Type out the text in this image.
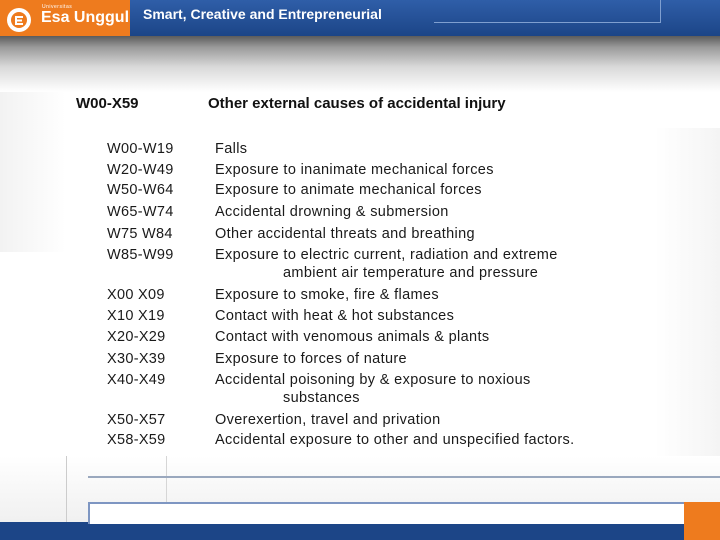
Universitas
Esa Unggul Smart, Creative and Entrepreneurial
W00-X59	Other external causes of accidental injury
W00-W19	Falls
W20-W49	Exposure to inanimate mechanical forces
W50-W64	Exposure to animate mechanical forces
W65-W74	Accidental drowning & submersion
W75 W84	Other accidental threats and breathing
W85-W99	Exposure to electric current, radiation and extreme
ambient air temperature and pressure
X00 X09	Exposure to smoke, fire & flames
X10 X19	Contact with heat & hot substances
X20-X29	Contact with venomous animals & plants
X30-X39	Exposure to forces of nature
X40-X49	Accidental poisoning by & exposure to noxious
substances
X50-X57	Overexertion, travel and privation
X58-X59	Accidental exposure to other and unspecified factors.
